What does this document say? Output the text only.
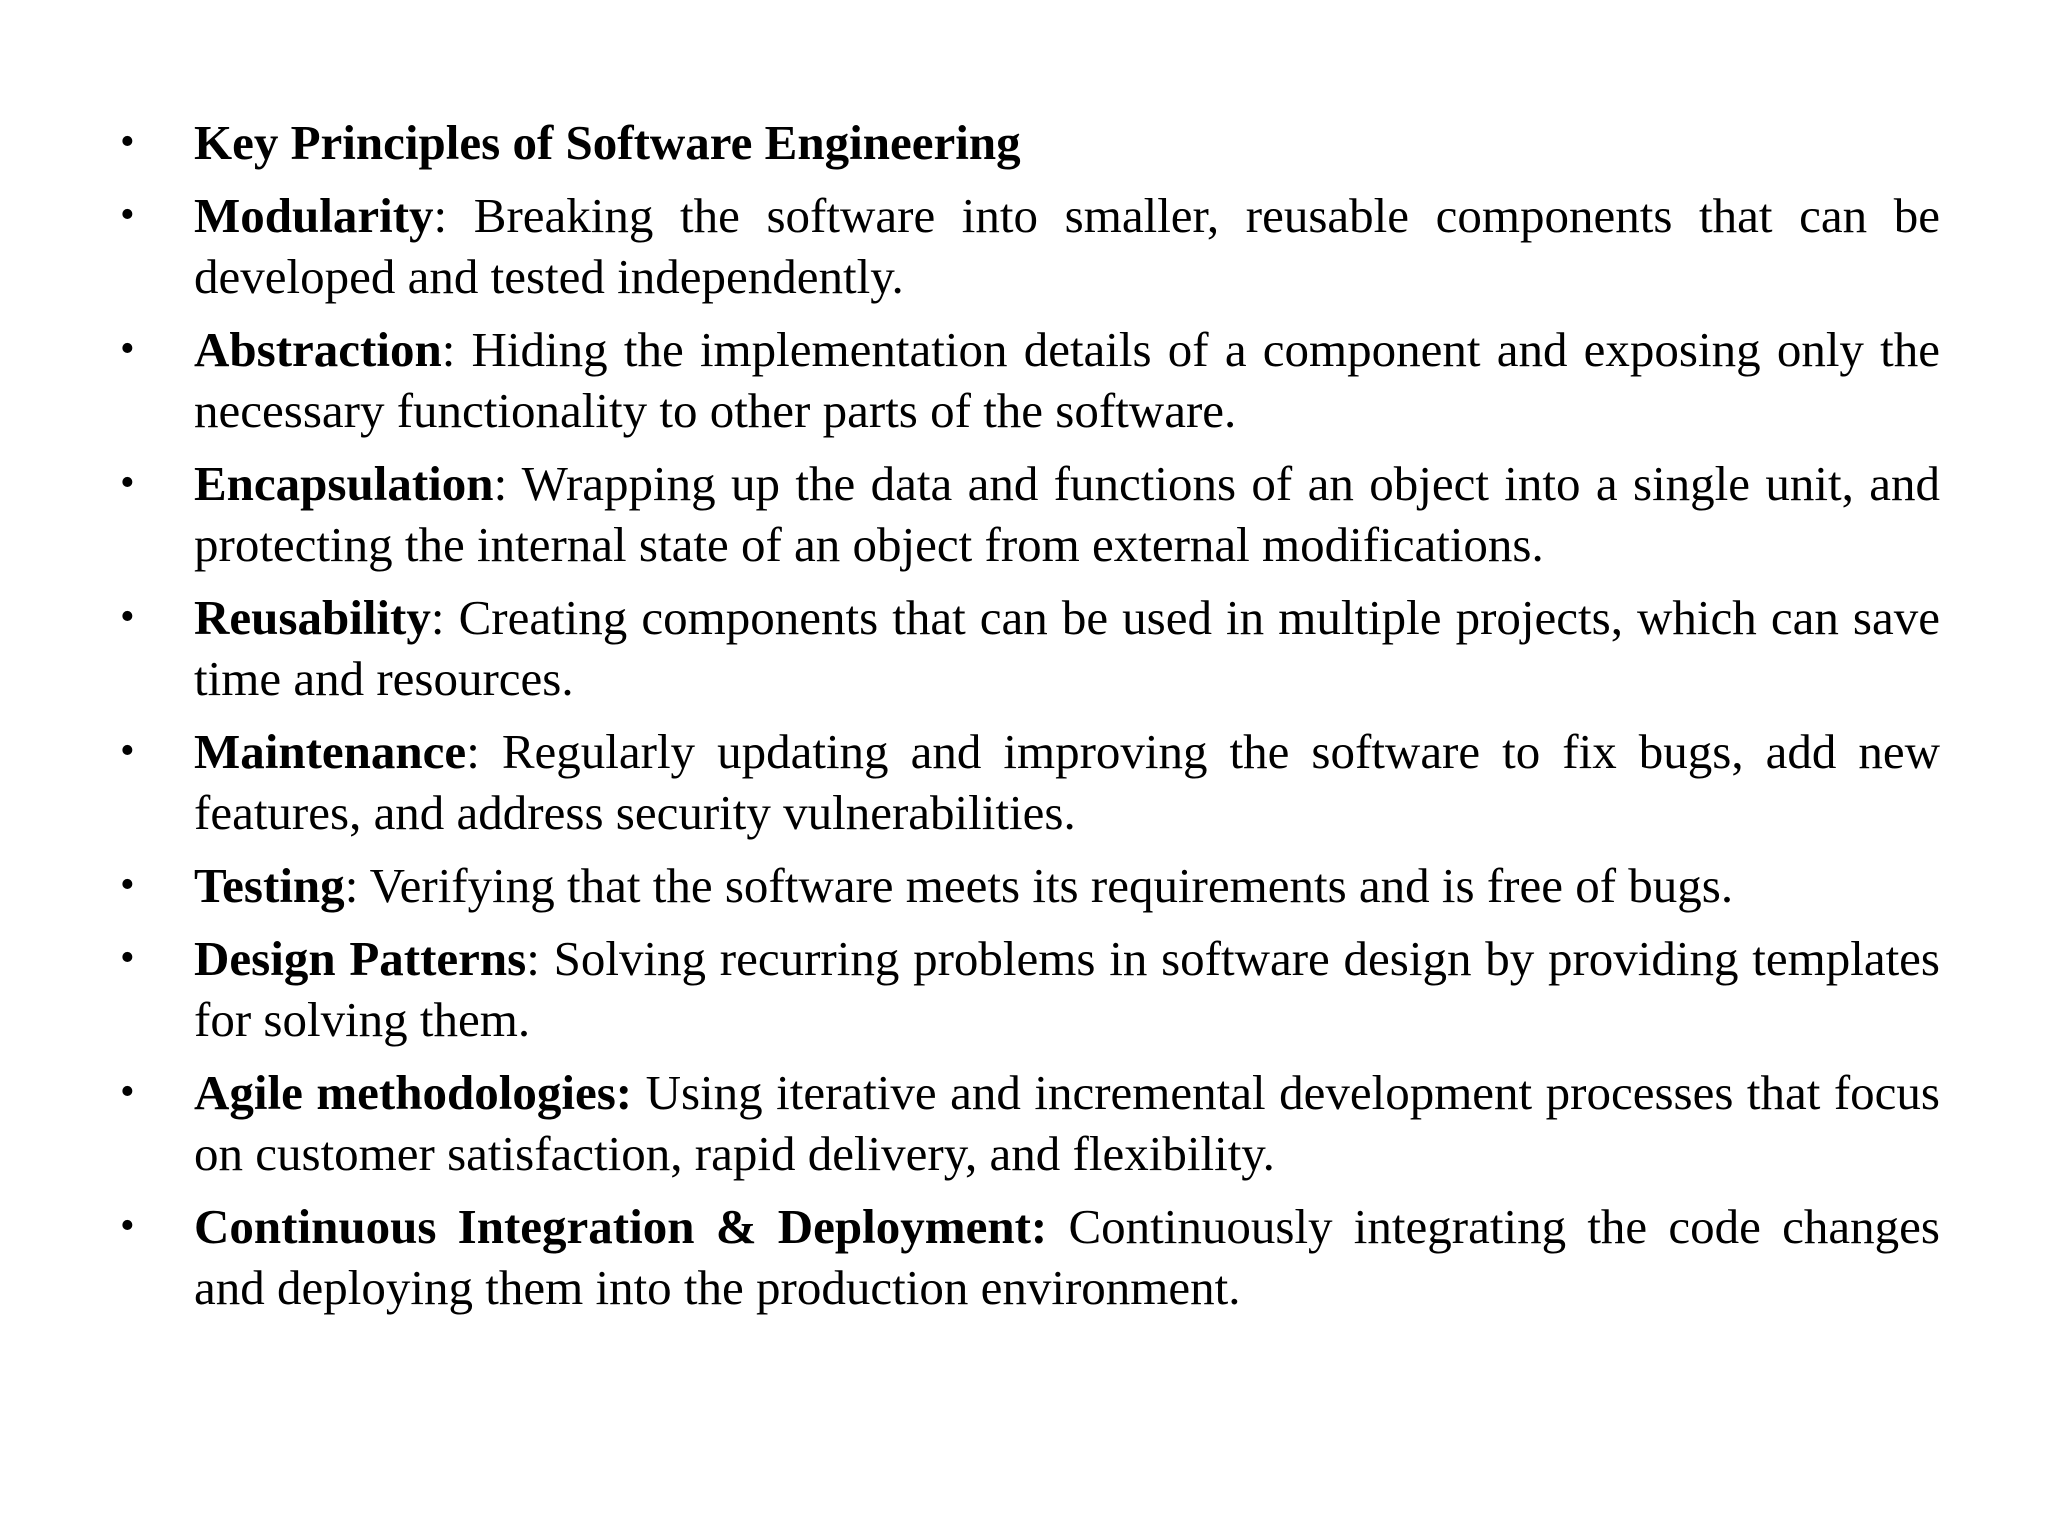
•	Key Principles of Software Engineering
•	Modularity: Breaking the software into smaller, reusable components that can be developed and tested independently.
•	Abstraction: Hiding the implementation details of a component and exposing only the necessary functionality to other parts of the software.
•	Encapsulation: Wrapping up the data and functions of an object into a single unit, and protecting the internal state of an object from external modifications.
•	Reusability: Creating components that can be used in multiple projects, which can save time and resources.
•	Maintenance: Regularly updating and improving the software to fix bugs, add new features, and address security vulnerabilities.
•	Testing: Verifying that the software meets its requirements and is free of bugs.
•	Design Patterns: Solving recurring problems in software design by providing templates for solving them.
•	Agile methodologies: Using iterative and incremental development processes that focus on customer satisfaction, rapid delivery, and flexibility.
•	Continuous Integration & Deployment: Continuously integrating the code changes and deploying them into the production environment.
